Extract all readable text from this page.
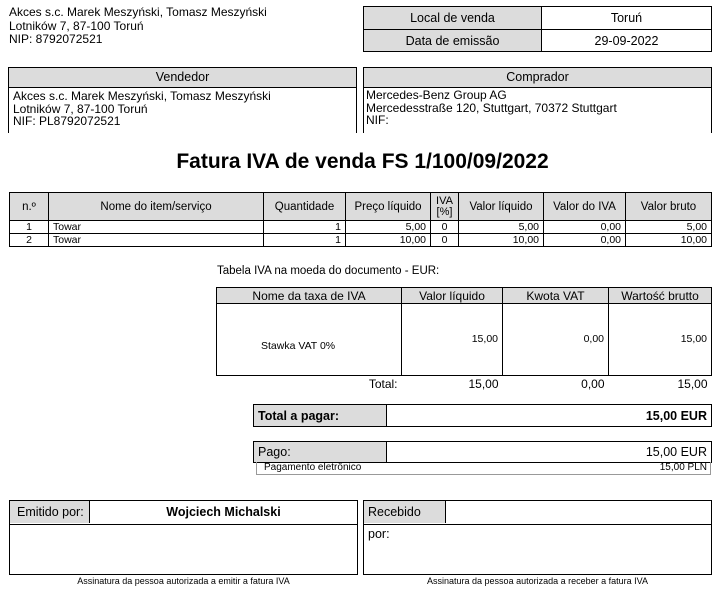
Akces s.c. Marek Meszyński, Tomasz Meszyński
Lotników 7, 87-100 Toruń
NIP: 8792072521
Local de venda	Toruń
Data de emissão	29-09-2022
Vendedor
Akces s.c. Marek Meszyński, Tomasz Meszyński
Lotników 7, 87-100 Toruń
NIF: PL8792072521
Comprador
Mercedes-Benz Group AG
Mercedesstraße 120, Stuttgart, 70372 Stuttgart
NIF:
Fatura IVA de venda FS 1/100/09/2022
n.º	Nome do item/serviço	Quantidade	Preço líquido	IVA [%]	Valor líquido	Valor do IVA	Valor bruto
1	Towar	1	5,00	0	5,00	0,00	5,00
2	Towar	1	10,00	0	10,00	0,00	10,00
Tabela IVA na moeda do documento - EUR:
Nome da taxa de IVA	Valor líquido	Kwota VAT	Wartość brutto
Stawka VAT 0%	15,00	0,00	15,00
Total:	15,00	0,00	15,00
Total a pagar:	15,00 EUR
Pago:	15,00 EUR
Pagamento eletrônico	15,00 PLN
Emitido por:	Wojciech Michalski
Assinatura da pessoa autorizada a emitir a fatura IVA
Recebido por:
Assinatura da pessoa autorizada a receber a fatura IVA
